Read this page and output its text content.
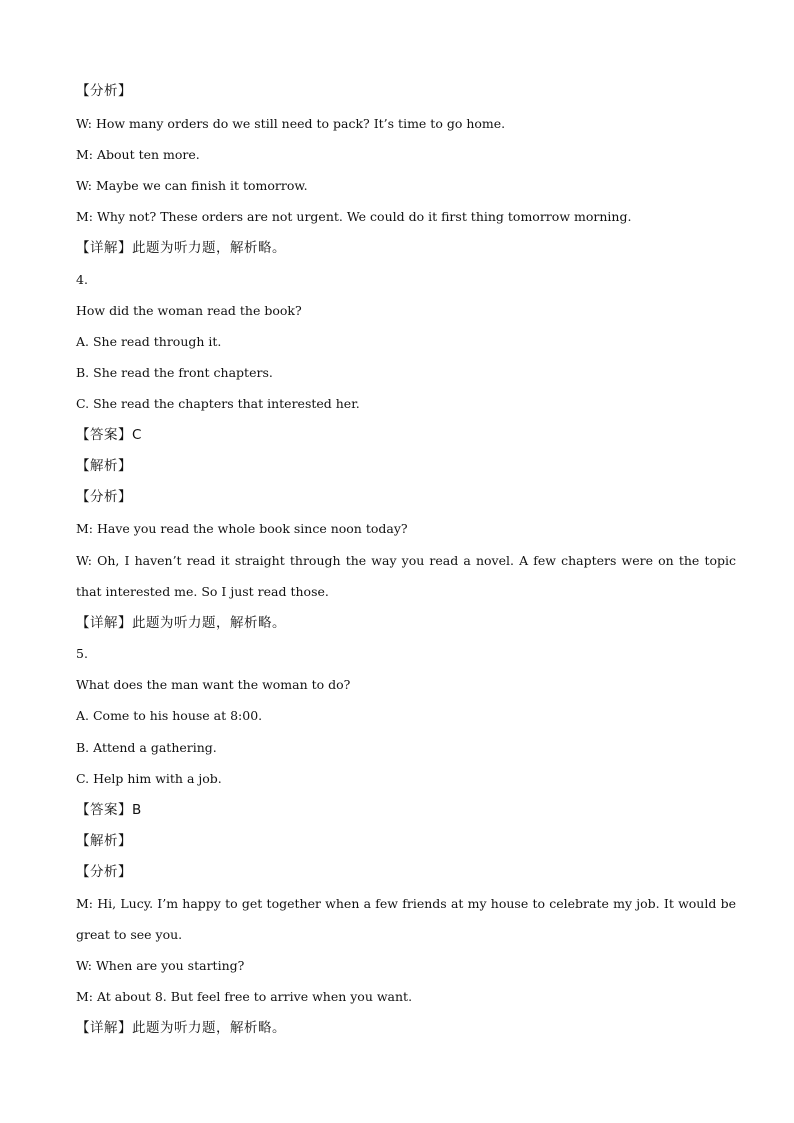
【分析】
W: How many orders do we still need to pack? It’s time to go home.
M: About ten more.
W: Maybe we can finish it tomorrow.
M: Why not? These orders are not urgent. We could do it first thing tomorrow morning.
【详解】此题为听力题，解析略。
4.
How did the woman read the book?
A. She read through it.
B. She read the front chapters.
C. She read the chapters that interested her.
【答案】C
【解析】
【分析】
M: Have you read the whole book since noon today?
W: Oh, I haven’t read it straight through the way you read a novel. A few chapters were on the topic that interested me. So I just read those.
【详解】此题为听力题，解析略。
5.
What does the man want the woman to do?
A. Come to his house at 8:00.
B. Attend a gathering.
C. Help him with a job.
【答案】B
【解析】
【分析】
M: Hi, Lucy. I’m happy to get together when a few friends at my house to celebrate my job. It would be great to see you.
W: When are you starting?
M: At about 8. But feel free to arrive when you want.
【详解】此题为听力题，解析略。
